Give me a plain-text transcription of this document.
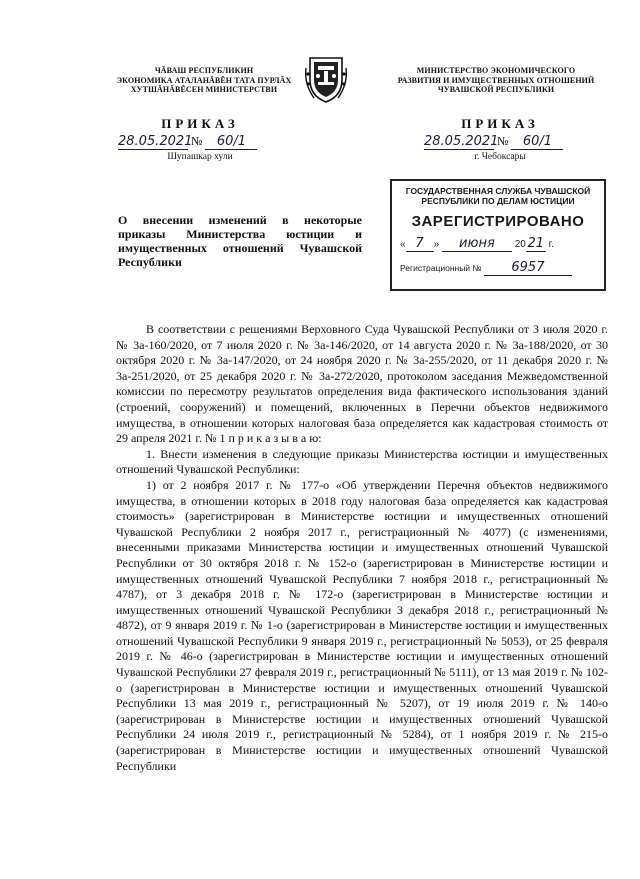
ЧĂВАШ РЕСПУБЛИКИН
ЭКОНОМИКА АТАЛАНĂВĔН ТАТА ПУРЛĂХ
ХУТШĂНĂВĔСЕН МИНИСТЕРСТВИ
МИНИСТЕРСТВО ЭКОНОМИЧЕСКОГО
РАЗВИТИЯ И ИМУЩЕСТВЕННЫХ ОТНОШЕНИЙ
ЧУВАШСКОЙ РЕСПУБЛИКИ
ПРИКАЗ
28.05.2021 № 60/1
Шупашкар хули
ПРИКАЗ
28.05.2021 № 60/1
г. Чебоксары
О внесении изменений в некоторые приказы Министерства юстиции и имущественных отношений Чувашской Республики
ГОСУДАРСТВЕННАЯ СЛУЖБА ЧУВАШСКОЙ РЕСПУБЛИКИ ПО ДЕЛАМ ЮСТИЦИИ
ЗАРЕГИСТРИРОВАНО
« 7 » июня 20 21 г.
Регистрационный № 6957

В соответствии с решениями Верховного Суда Чувашской Республики от 3 июля 2020 г. № 3а-160/2020, от 7 июля 2020 г. № 3а-146/2020, от 14 августа 2020 г. № 3а-188/2020, от 30 октября 2020 г. № 3а-147/2020, от 24 ноября 2020 г. № 3а-255/2020, от 11 декабря 2020 г. № 3а-251/2020, от 25 декабря 2020 г. № 3а-272/2020, протоколом заседания Межведомственной комиссии по пересмотру результатов определения вида фактического использования зданий (строений, сооружений) и помещений, включенных в Перечни объектов недвижимого имущества, в отношении которых налоговая база определяется как кадастровая стоимость от 29 апреля 2021 г. № 1 п р и к а з ы в а ю:

1. Внести изменения в следующие приказы Министерства юстиции и имущественных отношений Чувашской Республики:

1) от 2 ноября 2017 г. № 177-о «Об утверждении Перечня объектов недвижимого имущества, в отношении которых в 2018 году налоговая база определяется как кадастровая стоимость» (зарегистрирован в Министерстве юстиции и имущественных отношений Чувашской Республики 2 ноября 2017 г., регистрационный № 4077) (с изменениями, внесенными приказами Министерства юстиции и имущественных отношений Чувашской Республики от 30 октября 2018 г. № 152-о (зарегистрирован в Министерстве юстиции и имущественных отношений Чувашской Республики 7 ноября 2018 г., регистрационный № 4787), от 3 декабря 2018 г. № 172-о (зарегистрирован в Министерстве юстиции и имущественных отношений Чувашской Республики 3 декабря 2018 г., регистрационный № 4872), от 9 января 2019 г. № 1-о (зарегистрирован в Министерстве юстиции и имущественных отношений Чувашской Республики 9 января 2019 г., регистрационный № 5053), от 25 февраля 2019 г. № 46-о (зарегистрирован в Министерстве юстиции и имущественных отношений Чувашской Республики 27 февраля 2019 г., регистрационный № 5111), от 13 мая 2019 г. № 102-о (зарегистрирован в Министерстве юстиции и имущественных отношений Чувашской Республики 13 мая 2019 г., регистрационный № 5207), от 19 июля 2019 г. № 140-о (зарегистрирован в Министерстве юстиции и имущественных отношений Чувашской Республики 24 июля 2019 г., регистрационный № 5284), от 1 ноября 2019 г. № 215-о (зарегистрирован в Министерстве юстиции и имущественных отношений Чувашской Республики
